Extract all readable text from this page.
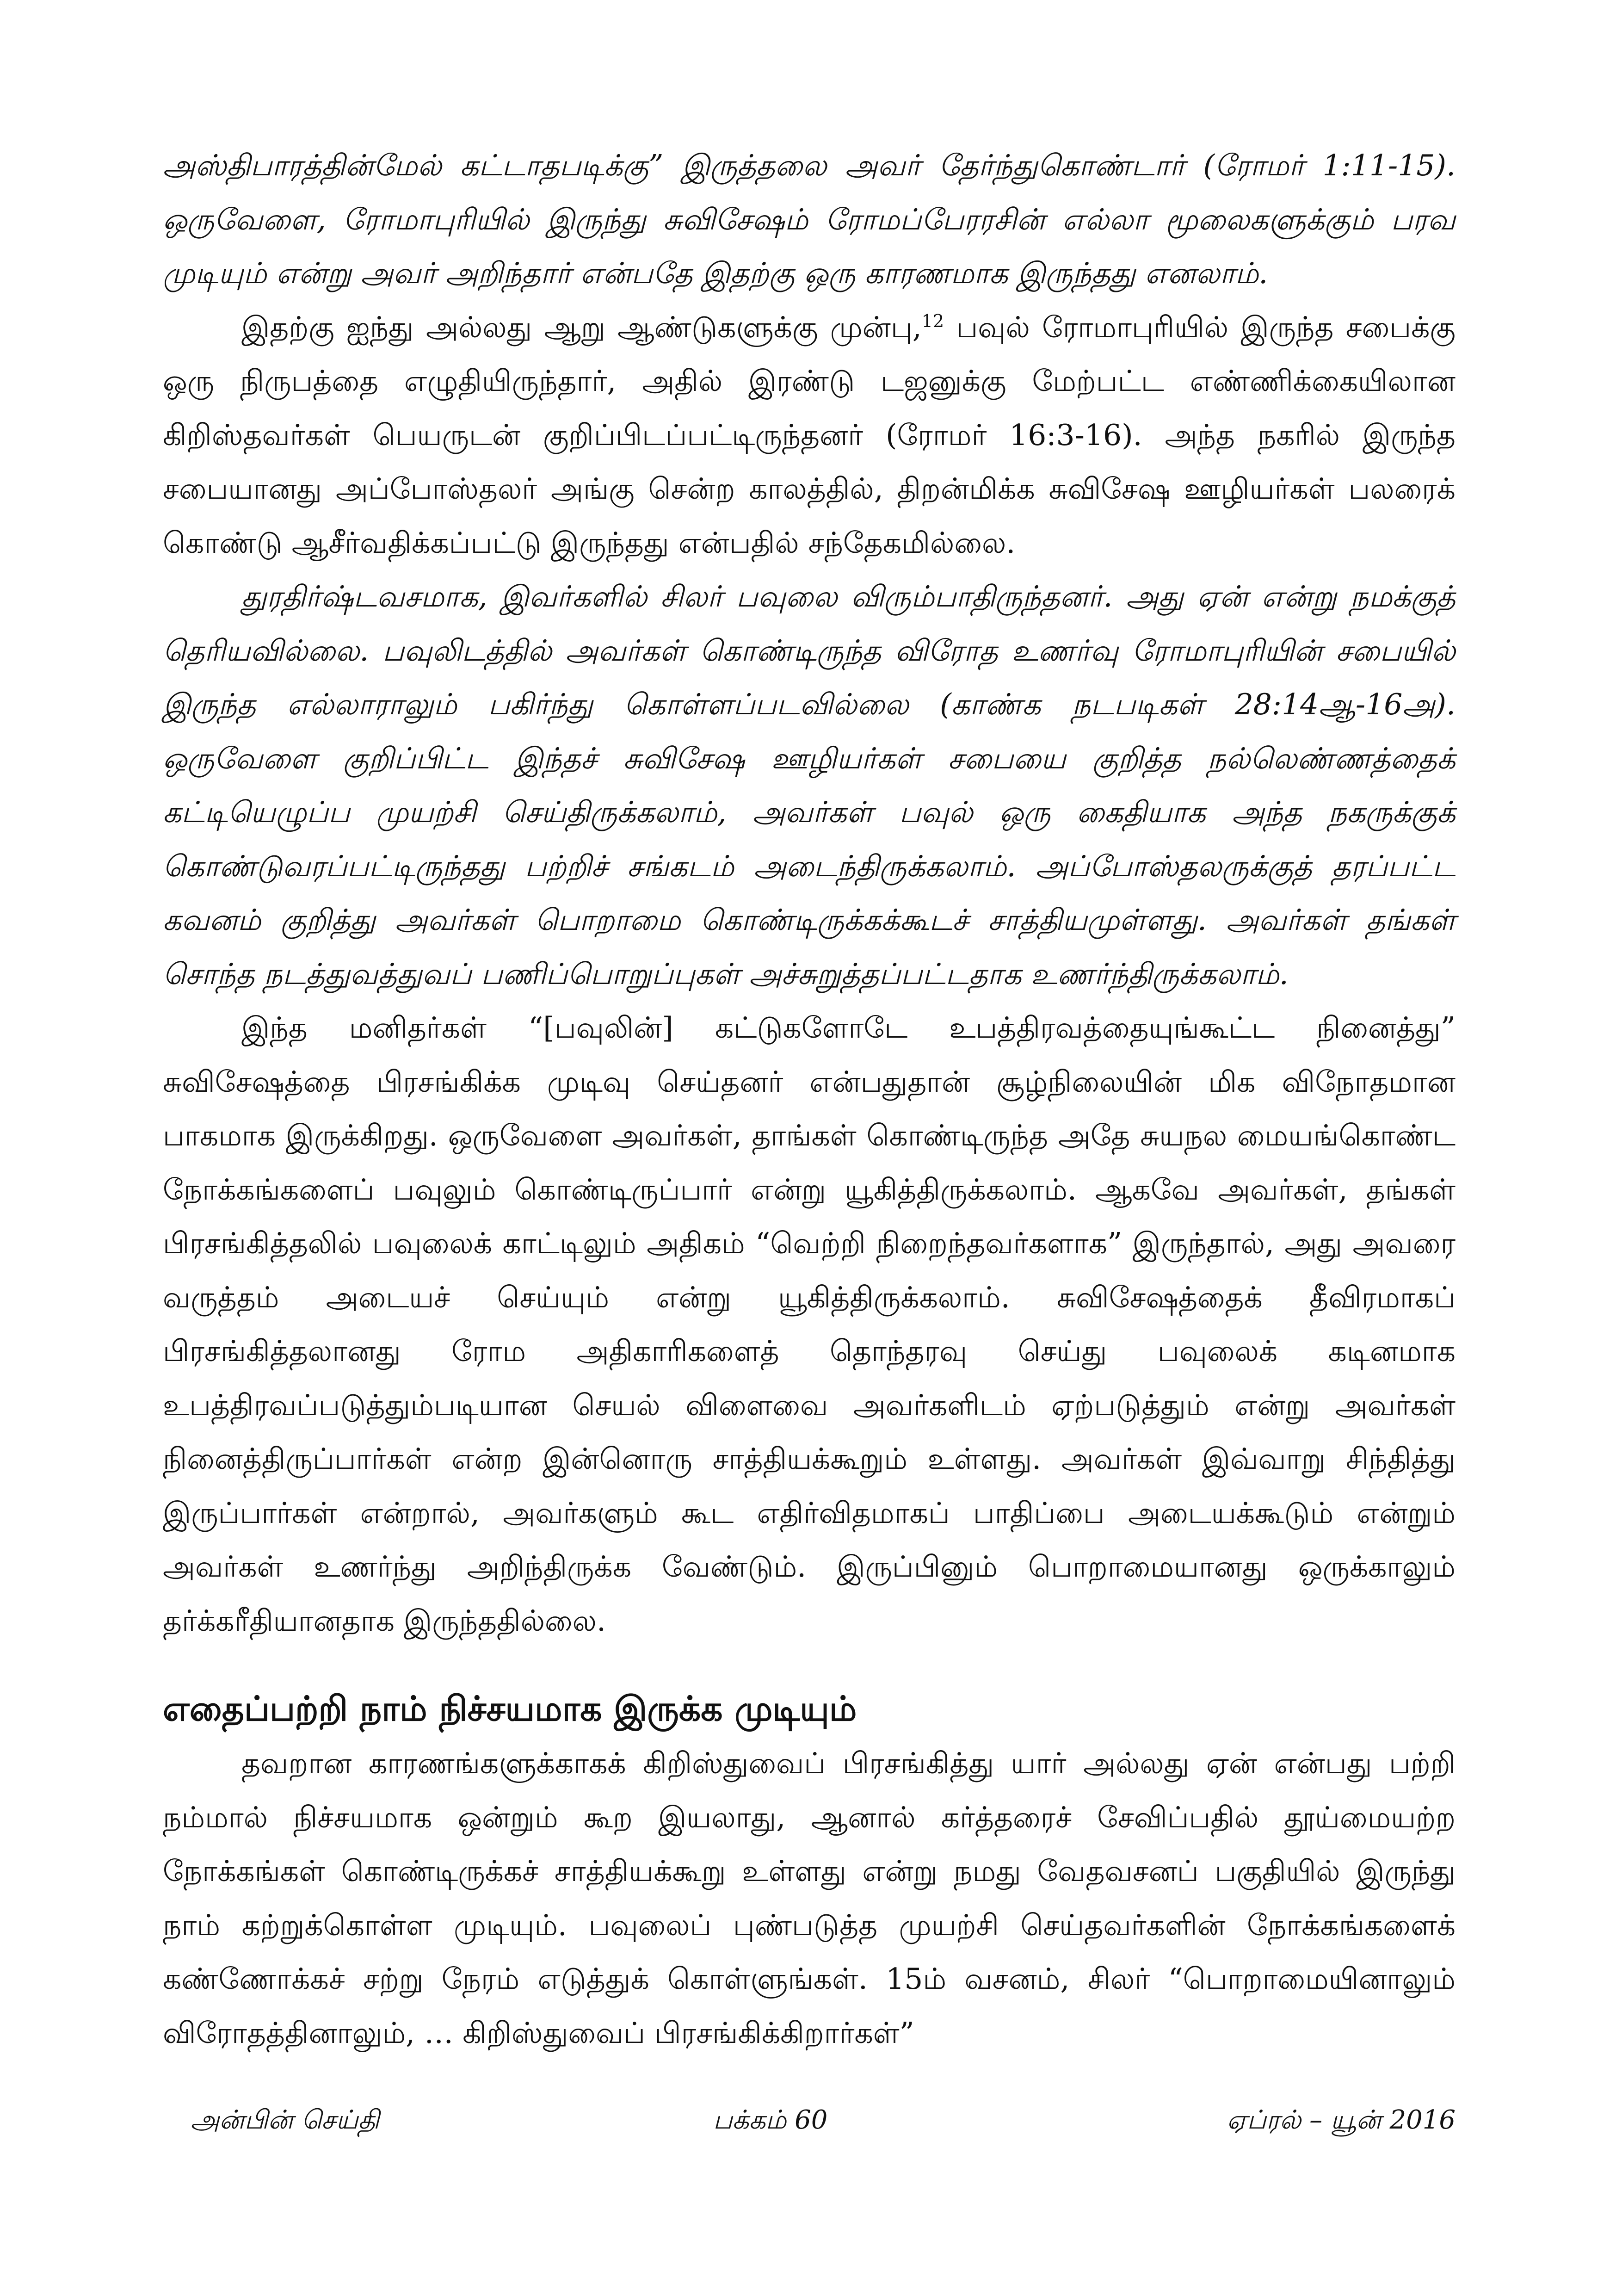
அஸ்திபாரத்தின்மேல் கட்டாதபடிக்கு” இருத்தலை அவர் தேர்ந்துகொண்டார் (ரோமர் 1:11-15). ஒருவேளை, ரோமாபுரியில் இருந்து சுவிசேஷம் ரோமப்பேரரசின் எல்லா மூலைகளுக்கும் பரவ முடியும் என்று அவர் அறிந்தார் என்பதே இதற்கு ஒரு காரணமாக இருந்தது எனலாம்.

இதற்கு ஐந்து அல்லது ஆறு ஆண்டுகளுக்கு முன்பு,$^{12}$ பவுல் ரோமாபுரியில் இருந்த சபைக்கு ஒரு நிருபத்தை எழுதியிருந்தார், அதில் இரண்டு டஜனுக்கு மேற்பட்ட எண்ணிக்கையிலான கிறிஸ்தவர்கள் பெயருடன் குறிப்பிடப்பட்டிருந்தனர் (ரோமர் 16:3-16). அந்த நகரில் இருந்த சபையானது அப்போஸ்தலர் அங்கு சென்ற காலத்தில், திறன்மிக்க சுவிசேஷ ஊழியர்கள் பலரைக் கொண்டு ஆசீர்வதிக்கப்பட்டு இருந்தது என்பதில் சந்தேகமில்லை.

துரதிர்ஷ்டவசமாக, இவர்களில் சிலர் பவுலை விரும்பாதிருந்தனர். அது ஏன் என்று நமக்குத் தெரியவில்லை. பவுலிடத்தில் அவர்கள் கொண்டிருந்த விரோத உணர்வு ரோமாபுரியின் சபையில் இருந்த எல்லாராலும் பகிர்ந்து கொள்ளப்படவில்லை (காண்க நடபடிகள் 28:14ஆ-16அ). ஒருவேளை குறிப்பிட்ட இந்தச் சுவிசேஷ ஊழியர்கள் சபையை குறித்த நல்லெண்ணத்தைக் கட்டியெழுப்ப முயற்சி செய்திருக்கலாம், அவர்கள் பவுல் ஒரு கைதியாக அந்த நகருக்குக் கொண்டுவரப்பட்டிருந்தது பற்றிச் சங்கடம் அடைந்திருக்கலாம். அப்போஸ்தலருக்குத் தரப்பட்ட கவனம் குறித்து அவர்கள் பொறாமை கொண்டிருக்கக்கூடச் சாத்தியமுள்ளது. அவர்கள் தங்கள் சொந்த நடத்துவத்துவப் பணிப்பொறுப்புகள் அச்சுறுத்தப்பட்டதாக உணர்ந்திருக்கலாம்.

இந்த மனிதர்கள் “[பவுலின்] கட்டுகளோடே உபத்திரவத்தையுங்கூட்ட நினைத்து” சுவிசேஷத்தை பிரசங்கிக்க முடிவு செய்தனர் என்பதுதான் சூழ்நிலையின் மிக விநோதமான பாகமாக இருக்கிறது. ஒருவேளை அவர்கள், தாங்கள் கொண்டிருந்த அதே சுயநல மையங்கொண்ட நோக்கங்களைப் பவுலும் கொண்டிருப்பார் என்று யூகித்திருக்கலாம். ஆகவே அவர்கள், தங்கள் பிரசங்கித்தலில் பவுலைக் காட்டிலும் அதிகம் “வெற்றி நிறைந்தவர்களாக” இருந்தால், அது அவரை வருத்தம் அடையச் செய்யும் என்று யூகித்திருக்கலாம். சுவிசேஷத்தைக் தீவிரமாகப் பிரசங்கித்தலானது ரோம அதிகாரிகளைத் தொந்தரவு செய்து பவுலைக் கடினமாக உபத்திரவப்படுத்தும்படியான செயல் விளைவை அவர்களிடம் ஏற்படுத்தும் என்று அவர்கள் நினைத்திருப்பார்கள் என்ற இன்னொரு சாத்தியக்கூறும் உள்ளது. அவர்கள் இவ்வாறு சிந்தித்து இருப்பார்கள் என்றால், அவர்களும் கூட எதிர்விதமாகப் பாதிப்பை அடையக்கூடும் என்றும் அவர்கள் உணர்ந்து அறிந்திருக்க வேண்டும். இருப்பினும் பொறாமையானது ஒருக்காலும் தர்க்கரீதியானதாக இருந்ததில்லை.

எதைப்பற்றி நாம் நிச்சயமாக இருக்க முடியும்

தவறான காரணங்களுக்காகக் கிறிஸ்துவைப் பிரசங்கித்து யார் அல்லது ஏன் என்பது பற்றி நம்மால் நிச்சயமாக ஒன்றும் கூற இயலாது, ஆனால் கர்த்தரைச் சேவிப்பதில் தூய்மையற்ற நோக்கங்கள் கொண்டிருக்கச் சாத்தியக்கூறு உள்ளது என்று நமது வேதவசனப் பகுதியில் இருந்து நாம் கற்றுக்கொள்ள முடியும். பவுலைப் புண்படுத்த முயற்சி செய்தவர்களின் நோக்கங்களைக் கண்ணோக்கச் சற்று நேரம் எடுத்துக் கொள்ளுங்கள். 15ம் வசனம், சிலர் “பொறாமையினாலும் விரோதத்தினாலும், … கிறிஸ்துவைப் பிரசங்கிக்கிறார்கள்”

அன்பின் செய்தி	பக்கம் 60	ஏப்ரல் – யூன் 2016
